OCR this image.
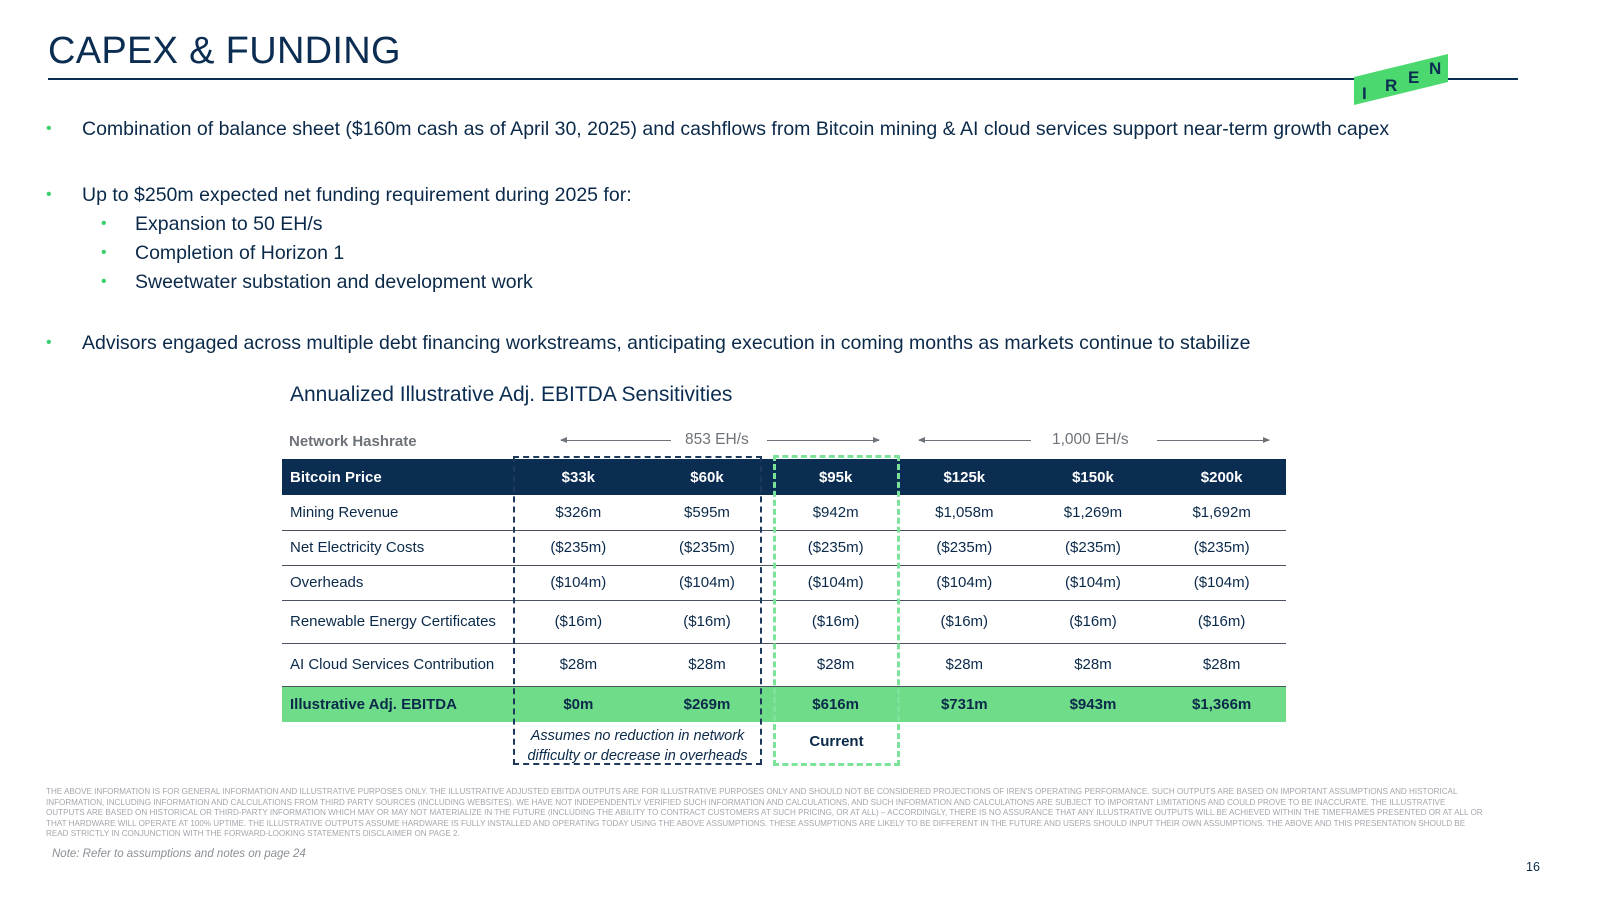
CAPEX & FUNDING
I R E N
• Combination of balance sheet ($160m cash as of April 30, 2025) and cashflows from Bitcoin mining & AI cloud services support near-term growth capex
• Up to $250m expected net funding requirement during 2025 for:
• Expansion to 50 EH/s
• Completion of Horizon 1
• Sweetwater substation and development work
• Advisors engaged across multiple debt financing workstreams, anticipating execution in coming months as markets continue to stabilize
Annualized Illustrative Adj. EBITDA Sensitivities
Network Hashrate	853 EH/s	1,000 EH/s
Bitcoin Price	$33k	$60k	$95k	$125k	$150k	$200k
Mining Revenue	$326m	$595m	$942m	$1,058m	$1,269m	$1,692m
Net Electricity Costs	($235m)	($235m)	($235m)	($235m)	($235m)	($235m)
Overheads	($104m)	($104m)	($104m)	($104m)	($104m)	($104m)
Renewable Energy Certificates	($16m)	($16m)	($16m)	($16m)	($16m)	($16m)
AI Cloud Services Contribution	$28m	$28m	$28m	$28m	$28m	$28m
Illustrative Adj. EBITDA	$0m	$269m	$616m	$731m	$943m	$1,366m
Assumes no reduction in network difficulty or decrease in overheads
Current
THE ABOVE INFORMATION IS FOR GENERAL INFORMATION AND ILLUSTRATIVE PURPOSES ONLY. THE ILLUSTRATIVE ADJUSTED EBITDA OUTPUTS ARE FOR ILLUSTRATIVE PURPOSES ONLY AND SHOULD NOT BE CONSIDERED PROJECTIONS OF IREN'S OPERATING PERFORMANCE. SUCH OUTPUTS ARE BASED ON IMPORTANT ASSUMPTIONS AND HISTORICAL INFORMATION, INCLUDING INFORMATION AND CALCULATIONS FROM THIRD PARTY SOURCES (INCLUDING WEBSITES). WE HAVE NOT INDEPENDENTLY VERIFIED SUCH INFORMATION AND CALCULATIONS, AND SUCH INFORMATION AND CALCULATIONS ARE SUBJECT TO IMPORTANT LIMITATIONS AND COULD PROVE TO BE INACCURATE. THE ILLUSTRATIVE OUTPUTS ARE BASED ON HISTORICAL OR THIRD-PARTY INFORMATION WHICH MAY OR MAY NOT MATERIALIZE IN THE FUTURE (INCLUDING THE ABILITY TO CONTRACT CUSTOMERS AT SUCH PRICING, OR AT ALL) – ACCORDINGLY, THERE IS NO ASSURANCE THAT ANY ILLUSTRATIVE OUTPUTS WILL BE ACHIEVED WITHIN THE TIMEFRAMES PRESENTED OR AT ALL OR THAT HARDWARE WILL OPERATE AT 100% UPTIME. THE ILLUSTRATIVE OUTPUTS ASSUME HARDWARE IS FULLY INSTALLED AND OPERATING TODAY USING THE ABOVE ASSUMPTIONS. THESE ASSUMPTIONS ARE LIKELY TO BE DIFFERENT IN THE FUTURE AND USERS SHOULD INPUT THEIR OWN ASSUMPTIONS. THE ABOVE AND THIS PRESENTATION SHOULD BE READ STRICTLY IN CONJUNCTION WITH THE FORWARD-LOOKING STATEMENTS DISCLAIMER ON PAGE 2.
Note: Refer to assumptions and notes on page 24
16
